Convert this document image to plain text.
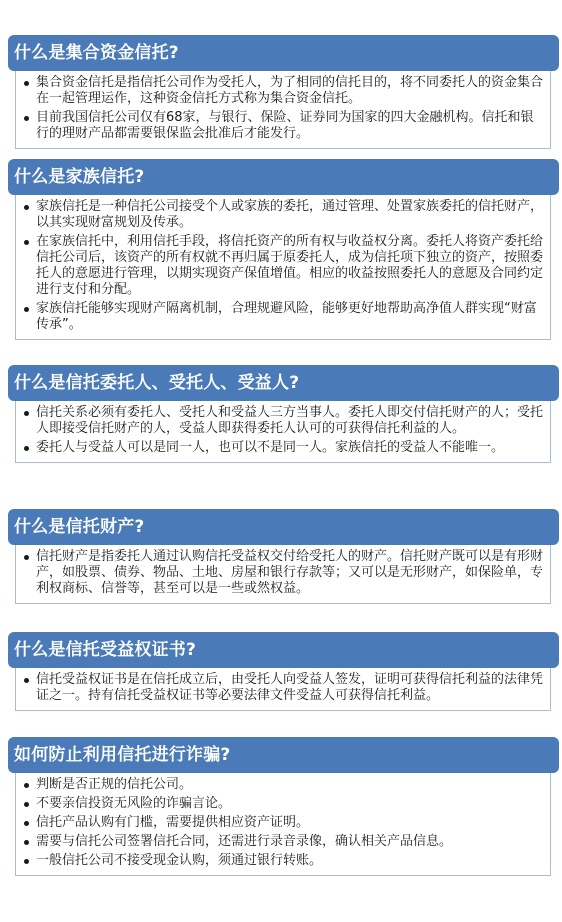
什么是集合资金信托?
集合资金信托是指信托公司作为受托人，为了相同的信托目的，将不同委托人的资金集合在一起管理运作，这种资金信托方式称为集合资金信托。
目前我国信托公司仅有68家，与银行、保险、证券同为国家的四大金融机构。信托和银行的理财产品都需要银保监会批准后才能发行。
什么是家族信托?
家族信托是一种信托公司接受个人或家族的委托，通过管理、处置家族委托的信托财产，以其实现财富规划及传承。
在家族信托中，利用信托手段，将信托资产的所有权与收益权分离。委托人将资产委托给信托公司后，该资产的所有权就不再归属于原委托人，成为信托项下独立的资产，按照委托人的意愿进行管理，以期实现资产保值增值。相应的收益按照委托人的意愿及合同约定进行支付和分配。
家族信托能够实现财产隔离机制，合理规避风险，能够更好地帮助高净值人群实现“财富传承”。
什么是信托委托人、受托人、受益人?
信托关系必须有委托人、受托人和受益人三方当事人。委托人即交付信托财产的人；受托人即接受信托财产的人，受益人即获得委托人认可的可获得信托利益的人。
委托人与受益人可以是同一人，也可以不是同一人。家族信托的受益人不能唯一。
什么是信托财产?
信托财产是指委托人通过认购信托受益权交付给受托人的财产。信托财产既可以是有形财产，如股票、债券、物品、土地、房屋和银行存款等；又可以是无形财产，如保险单，专利权商标、信誉等，甚至可以是一些或然权益。
什么是信托受益权证书?
信托受益权证书是在信托成立后，由受托人向受益人签发，证明可获得信托利益的法律凭证之一。持有信托受益权证书等必要法律文件受益人可获得信托利益。
如何防止利用信托进行诈骗?
判断是否正规的信托公司。
不要亲信投资无风险的诈骗言论。
信托产品认购有门槛，需要提供相应资产证明。
需要与信托公司签署信托合同，还需进行录音录像，确认相关产品信息。
一般信托公司不接受现金认购，须通过银行转账。
